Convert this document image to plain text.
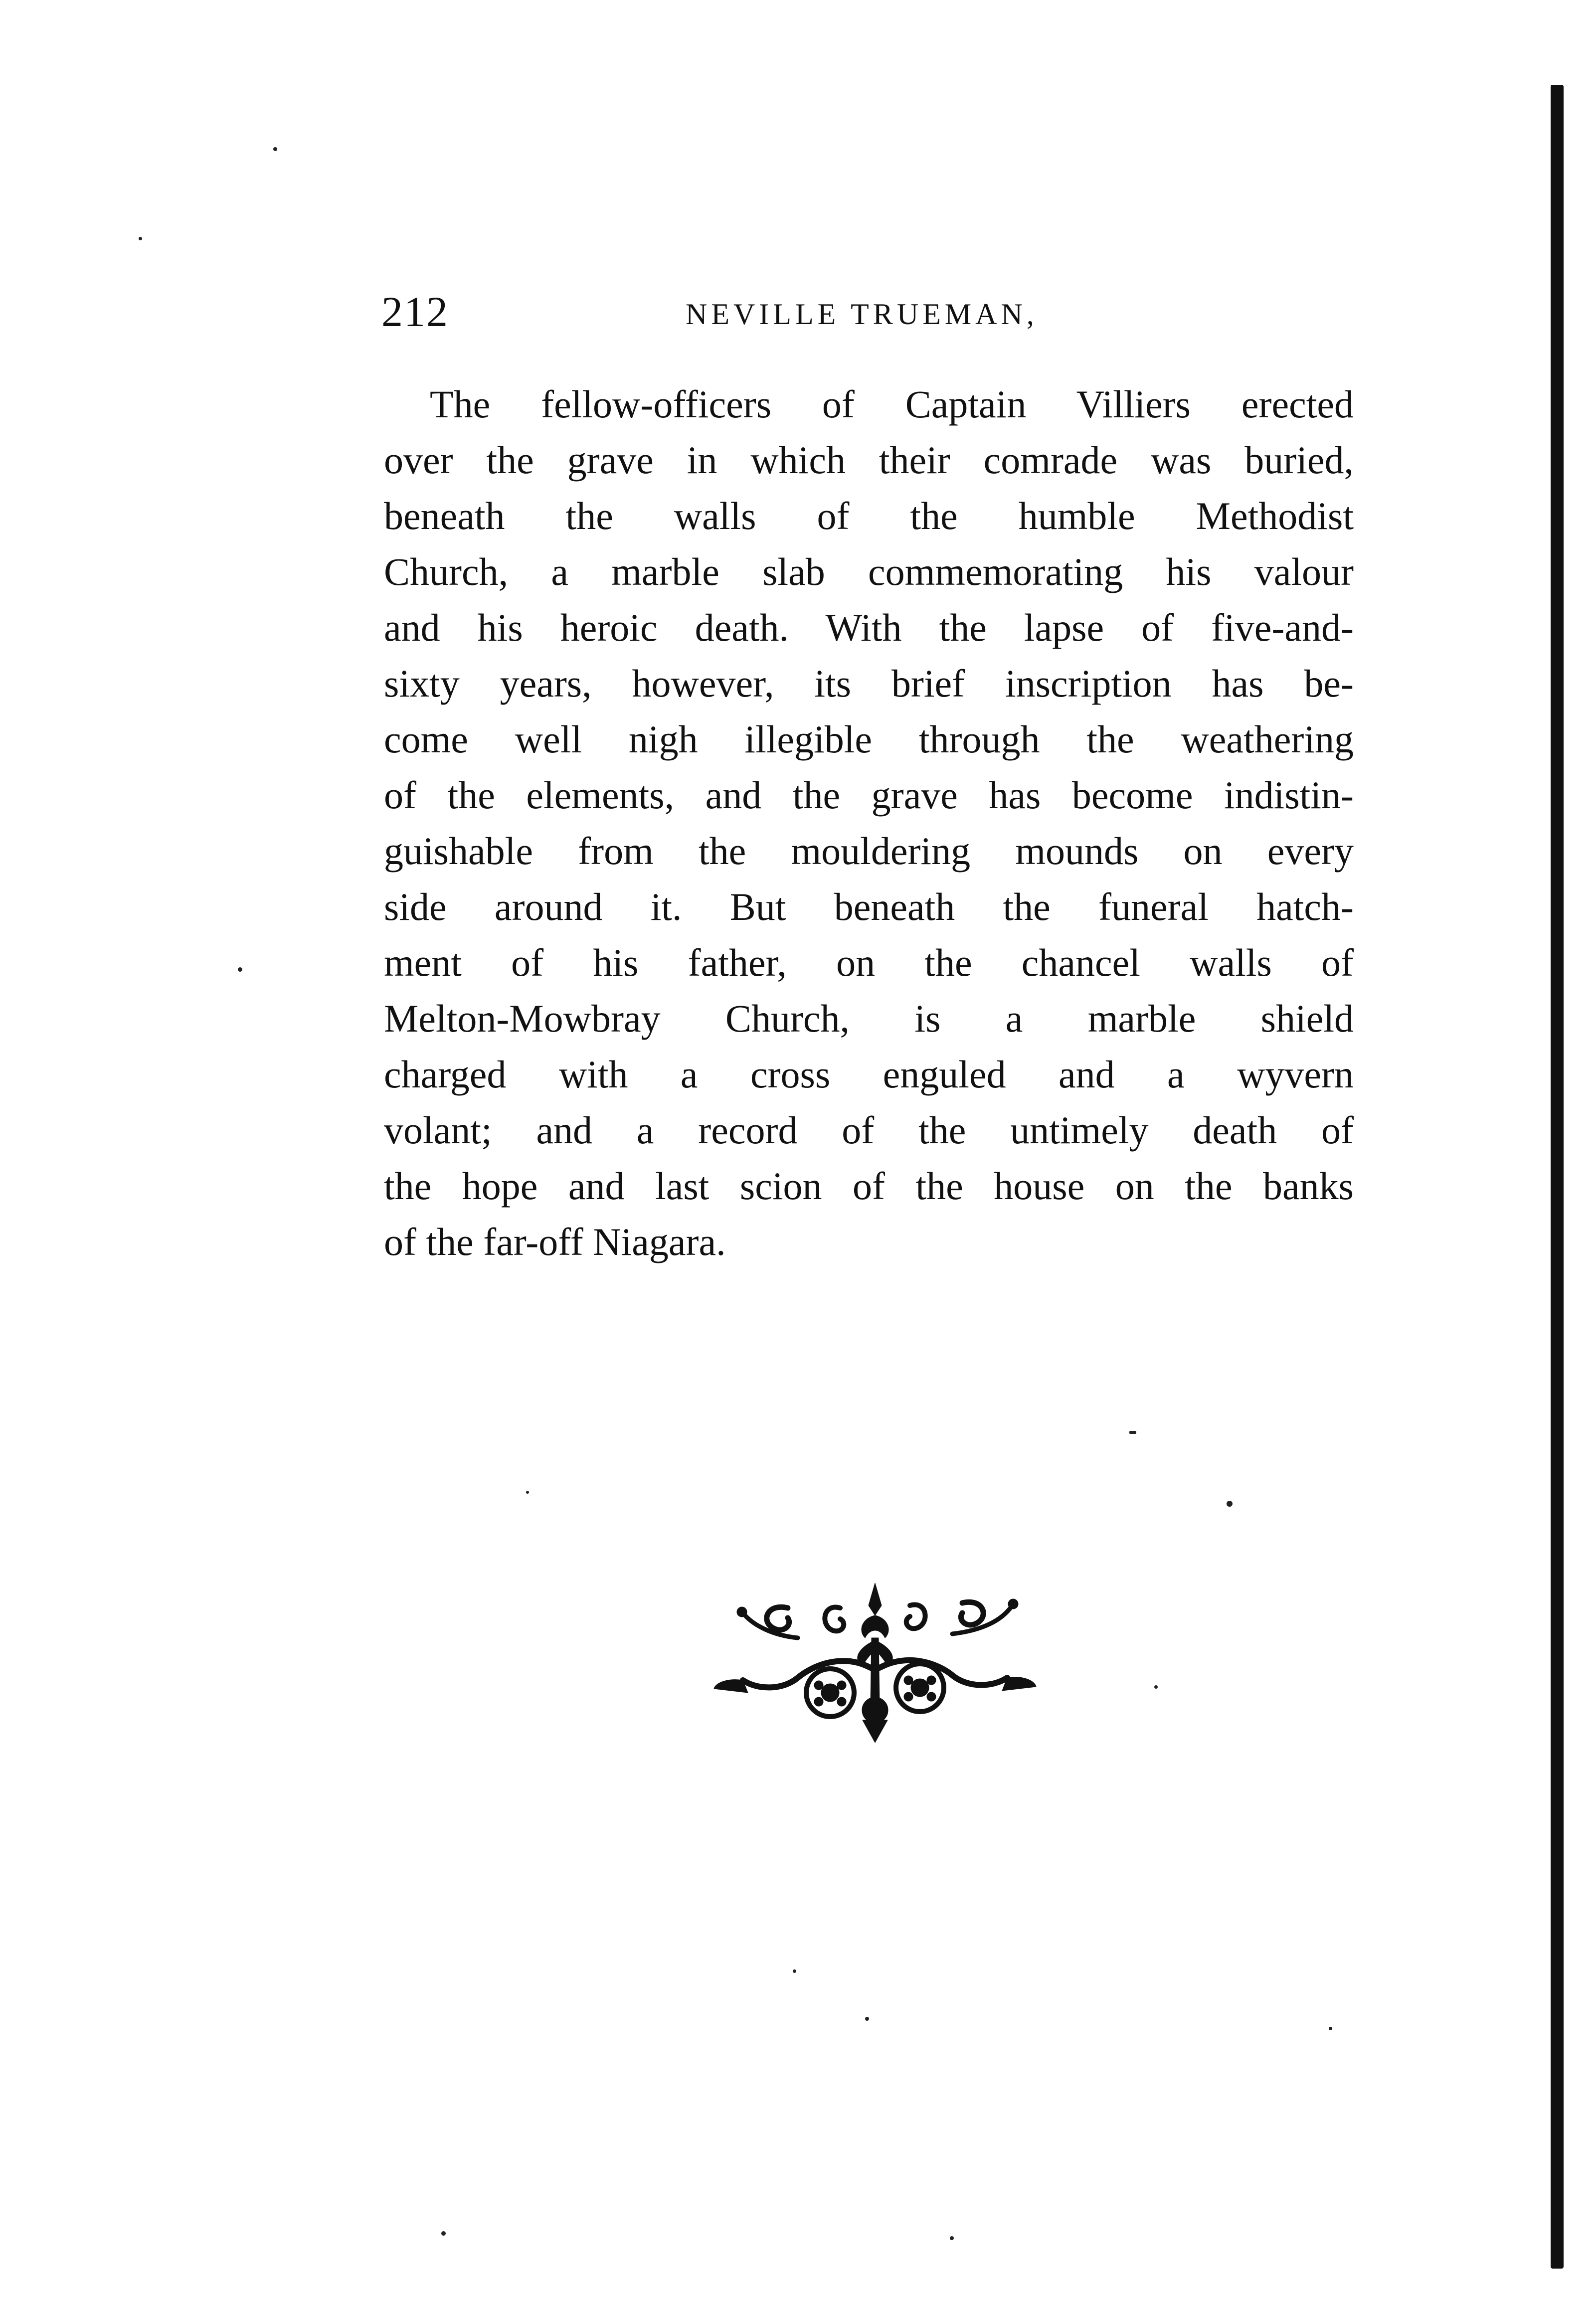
212	NEVILLE TRUEMAN,
The fellow-officers of Captain Villiers erected
over the grave in which their comrade was buried,
beneath the walls of the humble Methodist
Church, a marble slab commemorating his valour
and his heroic death. With the lapse of five-and-
sixty years, however, its brief inscription has be-
come well nigh illegible through the weathering
of the elements, and the grave has become indistin-
guishable from the mouldering mounds on every
side around it. But beneath the funeral hatch-
ment of his father, on the chancel walls of
Melton-Mowbray Church, is a marble shield
charged with a cross enguled and a wyvern
volant; and a record of the untimely death of
the hope and last scion of the house on the banks
of the far-off Niagara.
